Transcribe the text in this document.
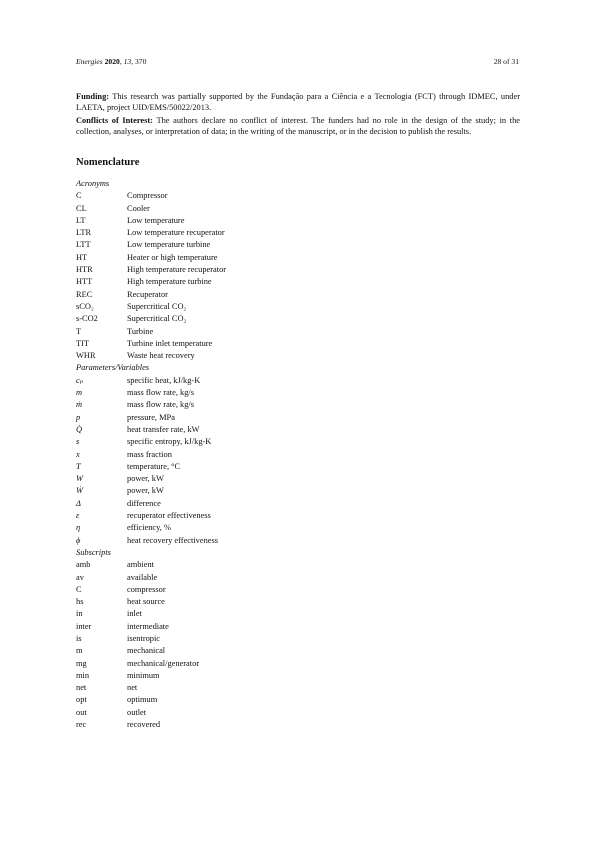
Energies 2020, 13, 370	28 of 31

Funding: This research was partially supported by the Fundação para a Ciência e a Tecnologia (FCT) through IDMEC, under LAETA, project UID/EMS/50022/2013.

Conflicts of Interest: The authors declare no conflict of interest. The funders had no role in the design of the study; in the collection, analyses, or interpretation of data; in the writing of the manuscript, or in the decision to publish the results.

Nomenclature
Acronyms
C	Compressor
CL	Cooler
LT	Low temperature
LTR	Low temperature recuperator
LTT	Low temperature turbine
HT	Heater or high temperature
HTR	High temperature recuperator
HTT	High temperature turbine
REC	Recuperator
sCO₂	Supercritical CO₂
s-CO2	Supercritical CO₂
T	Turbine
TIT	Turbine inlet temperature
WHR	Waste heat recovery
Parameters/Variables
cₚ	specific heat, kJ/kg-K
m	mass flow rate, kg/s
ṁ	mass flow rate, kg/s
p	pressure, MPa
Q̇	heat transfer rate, kW
s	specific entropy, kJ/kg-K
x	mass fraction
T	temperature, °C
W	power, kW
Ẇ	power, kW
Δ	difference
ε	recuperator effectiveness
η	efficiency, %
ϕ	heat recovery effectiveness
Subscripts
amb	ambient
av	available
C	compressor
hs	heat source
in	inlet
inter	intermediate
is	isentropic
m	mechanical
mg	mechanical/generator
min	minimum
net	net
opt	optimum
out	outlet
rec	recovered
